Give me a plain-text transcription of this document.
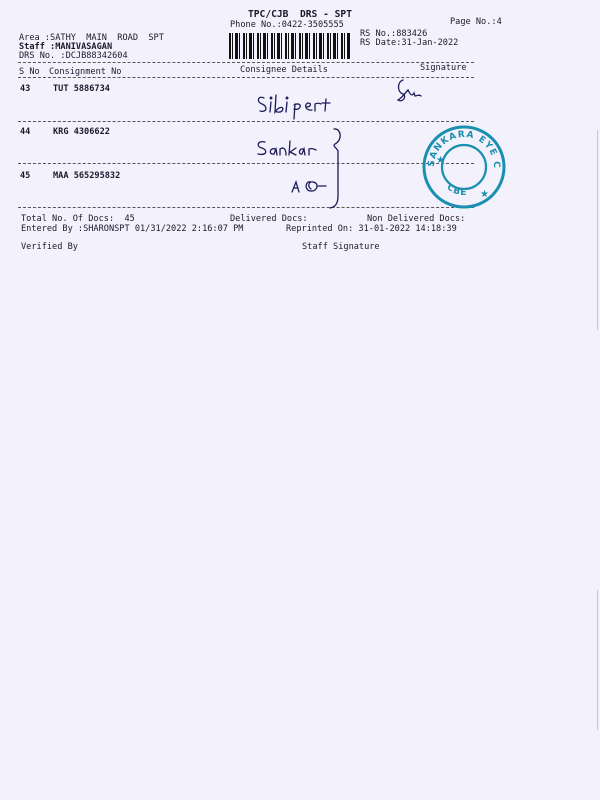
TPC/CJB  DRS - SPT
Phone No.:0422-3505555	Page No.:4
Area :SATHY  MAIN  ROAD  SPT
Staff :MANIVASAGAN
DRS No. :DCJB88342604
RS No.:883426
RS Date:31-Jan-2022
S No Consignment No	Consignee Details	Signature
43	TUT 5886734
44	KRG 4306622
45	MAA 565295832
SANKARA EYE CENTRE
CBE
★
★
Total No. Of Docs:  45	Delivered Docs:	Non Delivered Docs:
Entered By :SHARONSPT 01/31/2022 2:16:07 PM	Reprinted On: 31-01-2022 14:18:39
Verified By	Staff Signature
